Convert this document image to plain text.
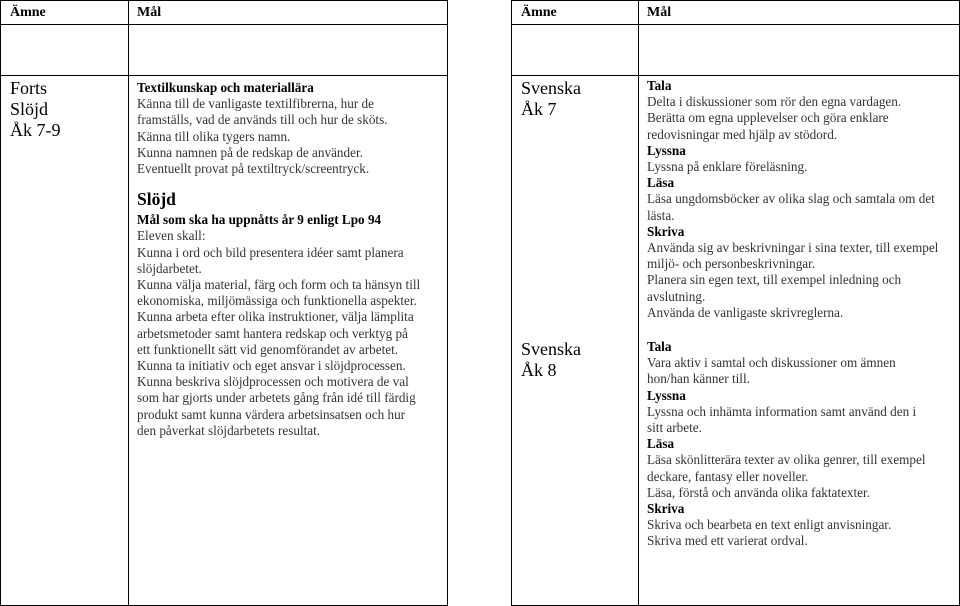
Ämne	Mål
Forts
Slöjd
Åk 7-9
Textilkunskap och materiallära
Känna till de vanligaste textilfibrerna, hur de
framställs, vad de används till och hur de sköts.
Känna till olika tygers namn.
Kunna namnen på de redskap de använder.
Eventuellt provat på textiltryck/screentryck.
Slöjd
Mål som ska ha uppnåtts år 9 enligt Lpo 94
Eleven skall:
Kunna i ord och bild presentera idéer samt planera
slöjdarbetet.
Kunna välja material, färg och form och ta hänsyn till
ekonomiska, miljömässiga och funktionella aspekter.
Kunna arbeta efter olika instruktioner, välja lämplita
arbetsmetoder samt hantera redskap och verktyg på
ett funktionellt sätt vid genomförandet av arbetet.
Kunna ta initiativ och eget ansvar i slöjdprocessen.
Kunna beskriva slöjdprocessen och motivera de val
som har gjorts under arbetets gång från idé till färdig
produkt samt kunna värdera arbetsinsatsen och hur
den påverkat slöjdarbetets resultat.
Ämne	Mål
Svenska
Åk 7
Tala
Delta i diskussioner som rör den egna vardagen.
Berätta om egna upplevelser och göra enklare
redovisningar med hjälp av stödord.
Lyssna
Lyssna på enklare föreläsning.
Läsa
Läsa ungdomsböcker av olika slag och samtala om det
lästa.
Skriva
Använda sig av beskrivningar i sina texter, till exempel
miljö- och personbeskrivningar.
Planera sin egen text, till exempel inledning och
avslutning.
Använda de vanligaste skrivreglerna.
Svenska
Åk 8
Tala
Vara aktiv i samtal och diskussioner om ämnen
hon/han känner till.
Lyssna
Lyssna och inhämta information samt använd den i
sitt arbete.
Läsa
Läsa skönlitterära texter av olika genrer, till exempel
deckare, fantasy eller noveller.
Läsa, förstå och använda olika faktatexter.
Skriva
Skriva och bearbeta en text enligt anvisningar.
Skriva med ett varierat ordval.
